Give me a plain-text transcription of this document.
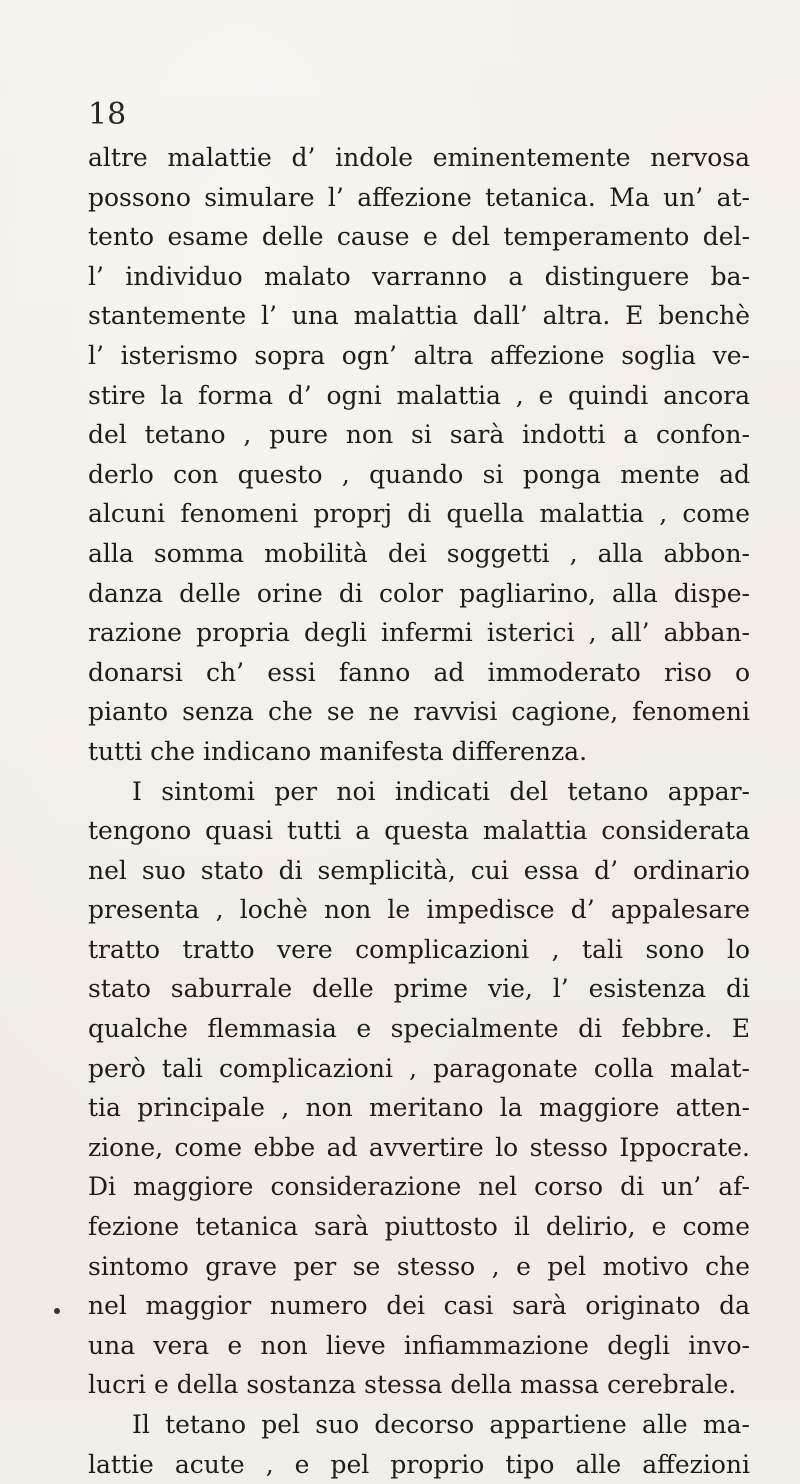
18
altre malattie d’ indole eminentemente nervosa
possono simulare l’ affezione tetanica. Ma un’ at-
tento esame delle cause e del temperamento del-
l’ individuo malato varranno a distinguere ba-
stantemente l’ una malattia dall’ altra. E benchè
l’ isterismo sopra ogn’ altra affezione soglia ve-
stire la forma d’ ogni malattia , e quindi ancora
del tetano , pure non si sarà indotti a confon-
derlo con questo , quando si ponga mente ad
alcuni fenomeni proprj di quella malattia , come
alla somma mobilità dei soggetti , alla abbon-
danza delle orine di color pagliarino, alla dispe-
razione propria degli infermi isterici , all’ abban-
donarsi ch’ essi fanno ad immoderato riso o
pianto senza che se ne ravvisi cagione, fenomeni
tutti che indicano manifesta differenza.
I sintomi per noi indicati del tetano appar-
tengono quasi tutti a questa malattia considerata
nel suo stato di semplicità, cui essa d’ ordinario
presenta , lochè non le impedisce d’ appalesare
tratto tratto vere complicazioni , tali sono lo
stato saburrale delle prime vie, l’ esistenza di
qualche flemmasia e specialmente di febbre. E
però tali complicazioni , paragonate colla malat-
tia principale , non meritano la maggiore atten-
zione, come ebbe ad avvertire lo stesso Ippocrate.
Di maggiore considerazione nel corso di un’ af-
fezione tetanica sarà piuttosto il delirio, e come
sintomo grave per se stesso , e pel motivo che
nel maggior numero dei casi sarà originato da
una vera e non lieve infiammazione degli invo-
lucri e della sostanza stessa della massa cerebrale.
Il tetano pel suo decorso appartiene alle ma-
lattie acute , e pel proprio tipo alle affezioni
